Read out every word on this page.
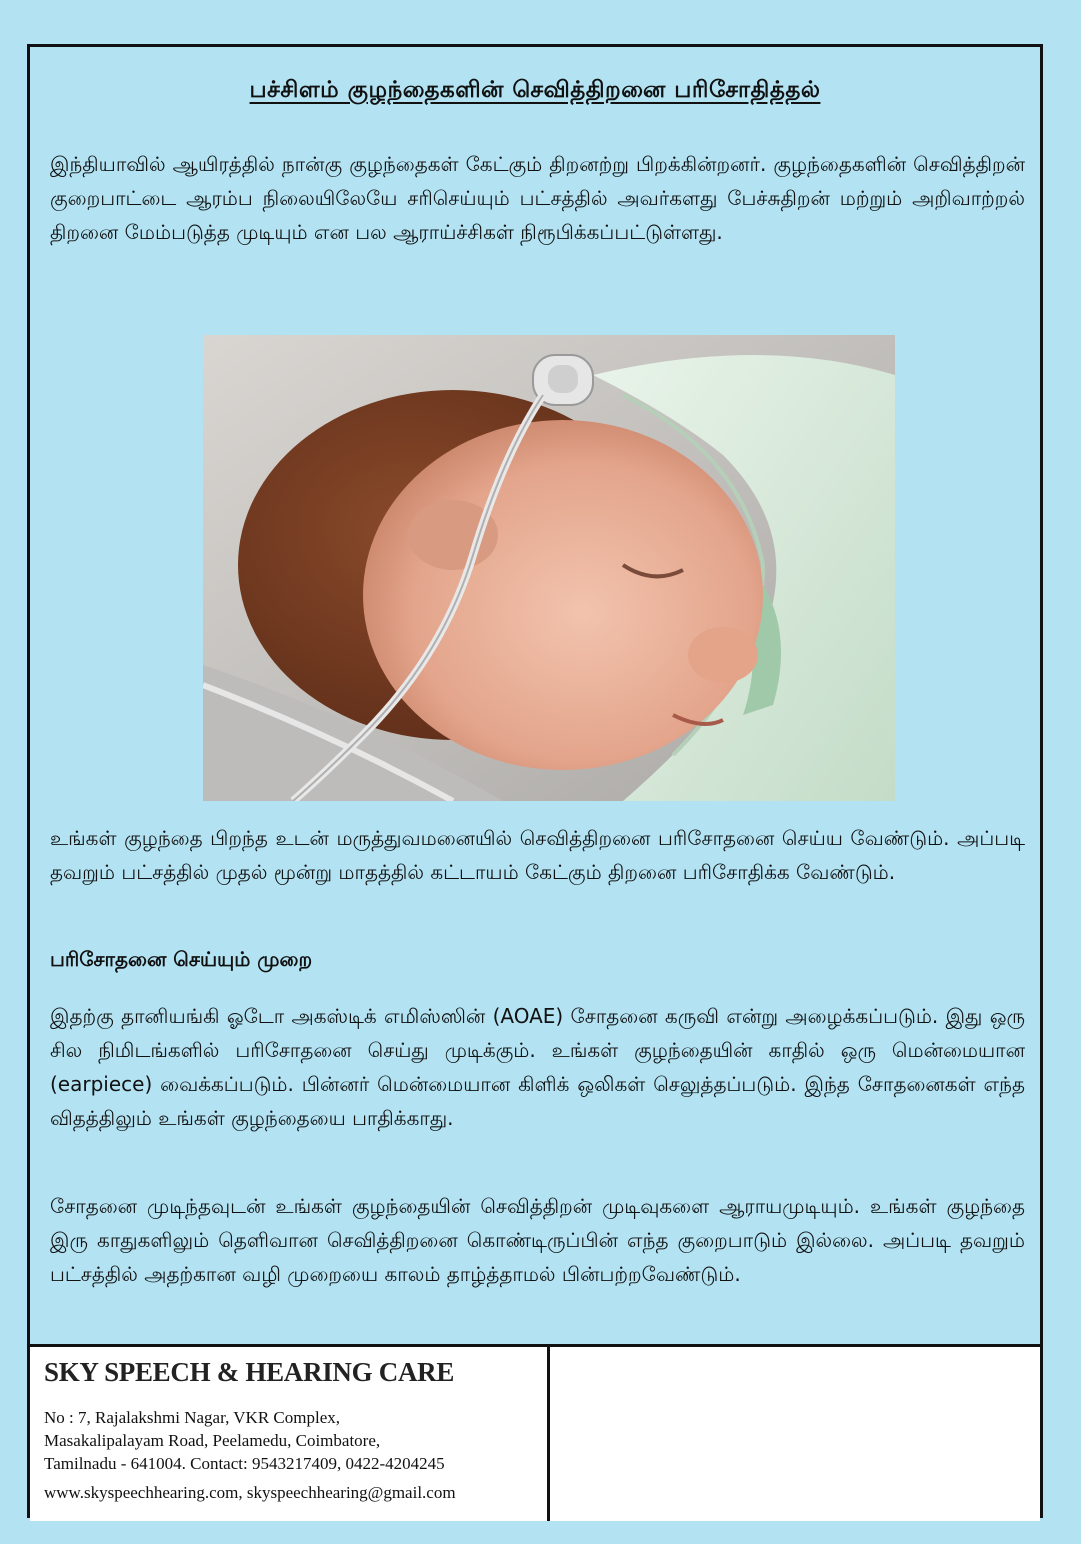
பச்சிளம் குழந்தைகளின் செவித்திறனை பரிசோதித்தல்

இந்தியாவில் ஆயிரத்தில் நான்கு குழந்தைகள் கேட்கும் திறனற்று பிறக்கின்றனர். குழந்தைகளின் செவித்திறன் குறைபாட்டை ஆரம்ப நிலையிலேயே சரிசெய்யும் பட்சத்தில் அவர்களது பேச்சுதிறன் மற்றும் அறிவாற்றல் திறனை மேம்படுத்த முடியும் என பல ஆராய்ச்சிகள் நிரூபிக்கப்பட்டுள்ளது.

உங்கள் குழந்தை பிறந்த உடன் மருத்துவமனையில் செவித்திறனை பரிசோதனை செய்ய வேண்டும். அப்படி தவறும் பட்சத்தில் முதல் மூன்று மாதத்தில் கட்டாயம் கேட்கும் திறனை பரிசோதிக்க வேண்டும்.

பரிசோதனை செய்யும் முறை

இதற்கு தானியங்கி ஓடோ அகஸ்டிக் எமிஸ்ஸின் (AOAE) சோதனை கருவி என்று அழைக்கப்படும். இது ஒரு சில நிமிடங்களில் பரிசோதனை செய்து முடிக்கும். உங்கள் குழந்தையின் காதில் ஒரு மென்மையான (earpiece) வைக்கப்படும். பின்னர் மென்மையான கிளிக் ஒலிகள் செலுத்தப்படும். இந்த சோதனைகள் எந்த விதத்திலும் உங்கள் குழந்தையை பாதிக்காது.

சோதனை முடிந்தவுடன் உங்கள் குழந்தையின் செவித்திறன் முடிவுகளை ஆராயமுடியும். உங்கள் குழந்தை இரு காதுகளிலும் தெளிவான செவித்திறனை கொண்டிருப்பின் எந்த குறைபாடும் இல்லை. அப்படி தவறும் பட்சத்தில் அதற்கான வழி முறையை காலம் தாழ்த்தாமல் பின்பற்றவேண்டும்.

SKY SPEECH & HEARING CARE

No : 7, Rajalakshmi Nagar, VKR Complex,

Masakalipalayam Road, Peelamedu, Coimbatore,

Tamilnadu - 641004. Contact: 9543217409, 0422-4204245

www.skyspeechhearing.com, skyspeechhearing@gmail.com
